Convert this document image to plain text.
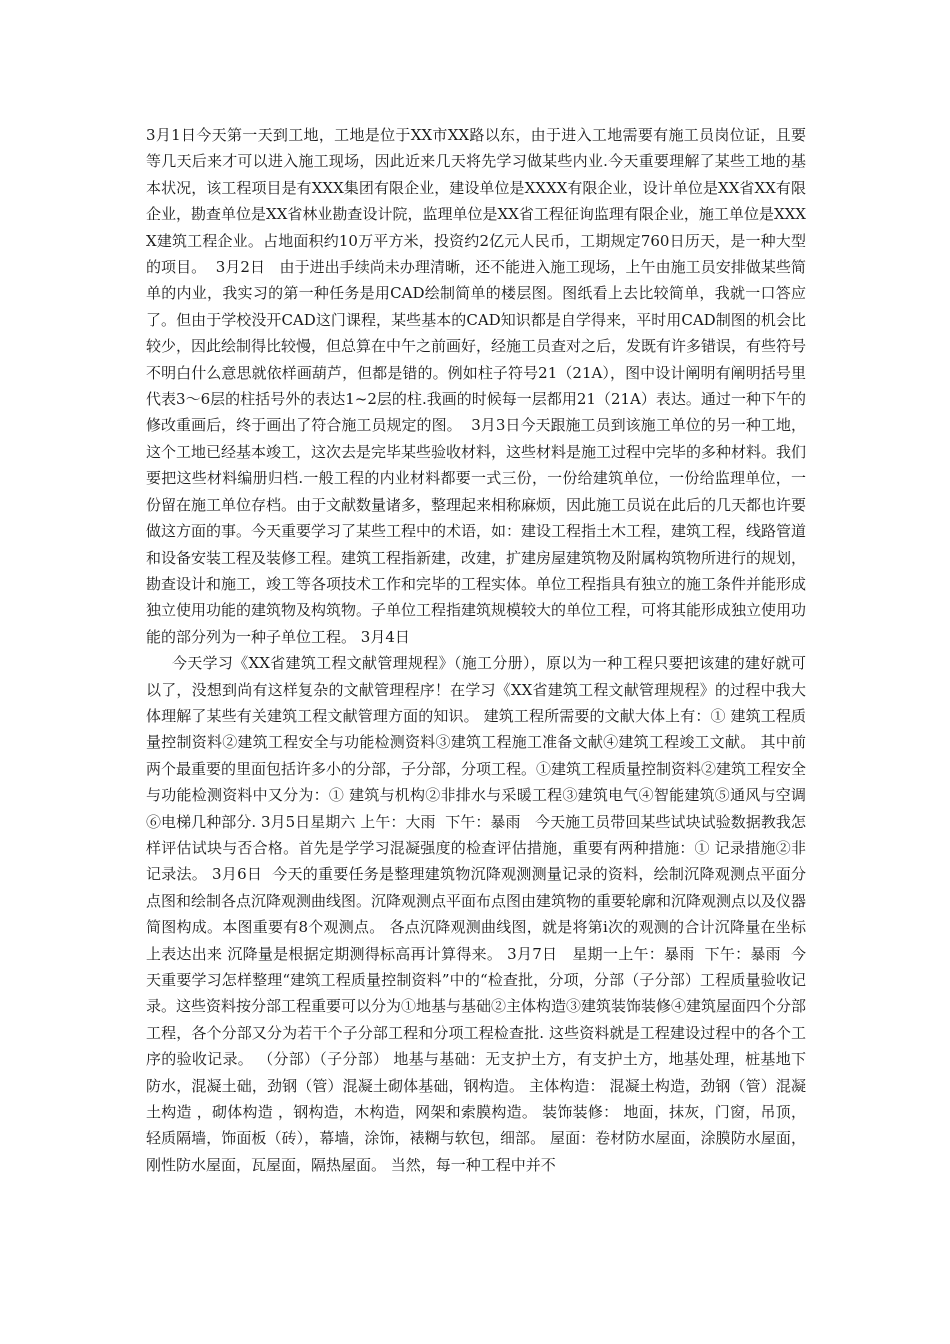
3月1日今天第一天到工地，工地是位于XX市XX路以东，由于进入工地需要有施工员岗位证，且要等几天后来才可以进入施工现场，因此近来几天将先学习做某些内业.今天重要理解了某些工地的基本状况，该工程项目是有XXX集团有限企业，建设单位是XXXX有限企业，设计单位是XX省XX有限企业，勘查单位是XX省林业勘查设计院，监理单位是XX省工程征询监理有限企业，施工单位是XXXX建筑工程企业。占地面积约10万平方米，投资约2亿元人民币，工期规定760日历天，是一种大型的项目。  3月2日   由于进出手续尚未办理清晰，还不能进入施工现场，上午由施工员安排做某些简单的内业，我实习的第一种任务是用CAD绘制简单的楼层图。图纸看上去比较简单，我就一口答应了。但由于学校没开CAD这门课程，某些基本的CAD知识都是自学得来，平时用CAD制图的机会比较少，因此绘制得比较慢，但总算在中午之前画好，经施工员查对之后，发既有许多错误，有些符号不明白什么意思就依样画葫芦，但都是错的。例如柱子符号21（21A），图中设计阐明有阐明括号里代表3～6层的柱括号外的表达1~2层的柱.我画的时候每一层都用21（21A）表达。通过一种下午的修改重画后，终于画出了符合施工员规定的图。  3月3日今天跟施工员到该施工单位的另一种工地，这个工地已经基本竣工，这次去是完毕某些验收材料，这些材料是施工过程中完毕的多种材料。我们要把这些材料编册归档.一般工程的内业材料都要一式三份，一份给建筑单位，一份给监理单位，一份留在施工单位存档。由于文献数量诸多，整理起来相称麻烦，因此施工员说在此后的几天都也许要做这方面的事。今天重要学习了某些工程中的术语，如：建设工程指土木工程，建筑工程，线路管道和设备安装工程及装修工程。建筑工程指新建，改建，扩建房屋建筑物及附属构筑物所进行的规划，勘查设计和施工，竣工等各项技术工作和完毕的工程实体。单位工程指具有独立的施工条件并能形成独立使用功能的建筑物及构筑物。子单位工程指建筑规模较大的单位工程，可将其能形成独立使用功能的部分列为一种子单位工程。 3月4日

今天学习《XX省建筑工程文献管理规程》（施工分册），原以为一种工程只要把该建的建好就可以了，没想到尚有这样复杂的文献管理程序！在学习《XX省建筑工程文献管理规程》的过程中我大体理解了某些有关建筑工程文献管理方面的知识。 建筑工程所需要的文献大体上有：① 建筑工程质量控制资料②建筑工程安全与功能检测资料③建筑工程施工准备文献④建筑工程竣工文献。 其中前两个最重要的里面包括许多小的分部，子分部，分项工程。①建筑工程质量控制资料②建筑工程安全与功能检测资料中又分为：① 建筑与机构②非排水与采暖工程③建筑电气④智能建筑⑤通风与空调⑥电梯几种部分. 3月5日星期六 上午：大雨  下午：暴雨   今天施工员带回某些试块试验数据教我怎样评估试块与否合格。首先是学学习混凝强度的检查评估措施，重要有两种措施：① 记录措施②非记录法。 3月6日  今天的重要任务是整理建筑物沉降观测测量记录的资料，绘制沉降观测点平面分点图和绘制各点沉降观测曲线图。沉降观测点平面布点图由建筑物的重要轮廓和沉降观测点以及仪器简图构成。本图重要有8个观测点。 各点沉降观测曲线图，就是将第i次的观测的合计沉降量在坐标上表达出来 沉降量是根据定期测得标高再计算得来。 3月7日   星期一上午：暴雨  下午：暴雨  今天重要学习怎样整理“建筑工程质量控制资料”中的“检查批，分项，分部（子分部）工程质量验收记录。这些资料按分部工程重要可以分为①地基与基础②主体构造③建筑装饰装修④建筑屋面四个分部工程，各个分部又分为若干个子分部工程和分项工程检查批. 这些资料就是工程建设过程中的各个工序的验收记录。 （分部）（子分部） 地基与基础：无支护土方，有支护土方，地基处理，桩基地下防水，混凝土础，劲钢（管）混凝土砌体基础，钢构造。 主体构造： 混凝土构造，劲钢（管）混凝土构造 ，砌体构造 ，钢构造，木构造，网架和索膜构造。 装饰装修： 地面，抹灰，门窗，吊顶，轻质隔墙，饰面板（砖），幕墙，涂饰，裱糊与软包，细部。 屋面：卷材防水屋面，涂膜防水屋面，刚性防水屋面，瓦屋面，隔热屋面。 当然，每一种工程中并不
